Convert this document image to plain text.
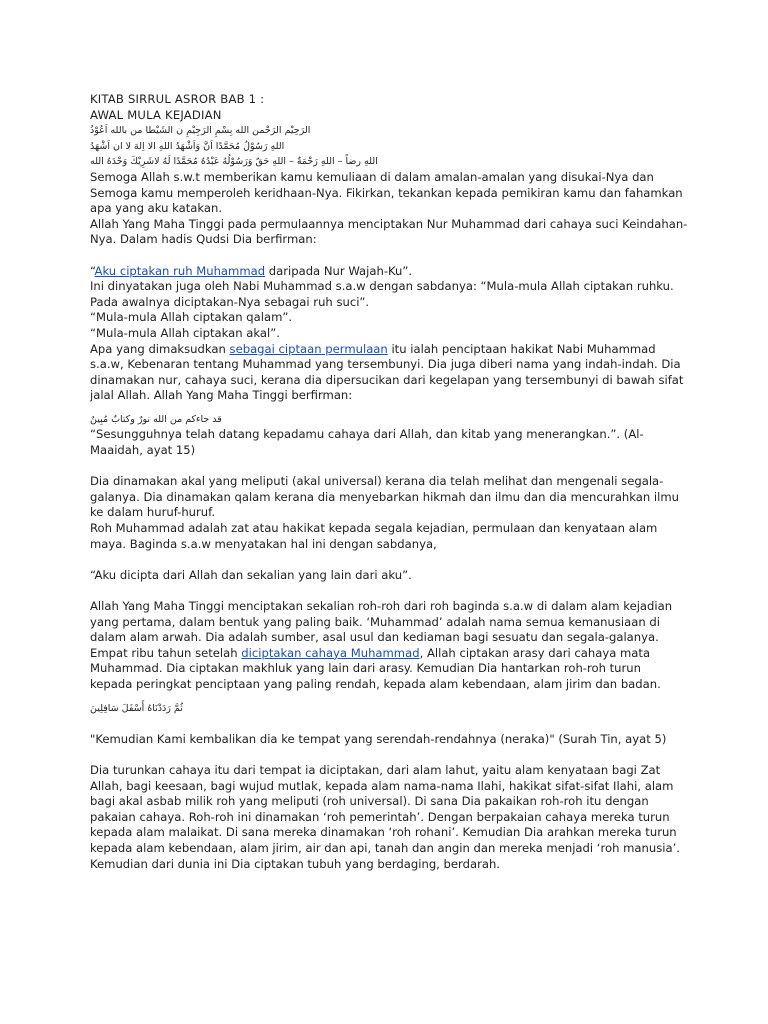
KITAB SIRRUL ASROR BAB 1 :
AWAL MULA KEJADIAN
الرَحِيْم الرَحْمن الله بِسْمِ الرَجِيْمِ ن الشَيْطا من بالله اَعُوْذُ
اللهِ رَسُوْلُ مُحَمَّدًا اَنَّ وَاَشْهَدُ اللهِ الا اِلهَ لا ان اَشْهَدُ
اللهِ رضاً – اللهِ رَحْمَةٌ – اللهِ حَقٌ وَرَسُوْلُهُ عَبْدُهُ مُحَمَّدًا لَهُ لاشَرِيْكَ وَحْدَهُ الله
Semoga Allah s.w.t memberikan kamu kemuliaan di dalam amalan-amalan yang disukai-Nya dan
Semoga kamu memperoleh keridhaan-Nya. Fikirkan, tekankan kepada pemikiran kamu dan fahamkan
apa yang aku katakan.
Allah Yang Maha Tinggi pada permulaannya menciptakan Nur Muhammad dari cahaya suci Keindahan-
Nya. Dalam hadis Qudsi Dia berfirman:
“Aku ciptakan ruh Muhammad daripada Nur Wajah-Ku”.
Ini dinyatakan juga oleh Nabi Muhammad s.a.w dengan sabdanya: “Mula-mula Allah ciptakan ruhku.
Pada awalnya diciptakan-Nya sebagai ruh suci”.
“Mula-mula Allah ciptakan qalam”.
“Mula-mula Allah ciptakan akal”.
Apa yang dimaksudkan sebagai ciptaan permulaan itu ialah penciptaan hakikat Nabi Muhammad
s.a.w, Kebenaran tentang Muhammad yang tersembunyi. Dia juga diberi nama yang indah-indah. Dia
dinamakan nur, cahaya suci, kerana dia dipersucikan dari kegelapan yang tersembunyi di bawah sifat
jalal Allah. Allah Yang Maha Tinggi berfirman:
قد جاءكم من الله نورٌ وكتابٌ مُبِينٌ
“Sesungguhnya telah datang kepadamu cahaya dari Allah, dan kitab yang menerangkan.”. (Al-
Maaidah, ayat 15)
Dia dinamakan akal yang meliputi (akal universal) kerana dia telah melihat dan mengenali segala-
galanya. Dia dinamakan qalam kerana dia menyebarkan hikmah dan ilmu dan dia mencurahkan ilmu
ke dalam huruf-huruf.
Roh Muhammad adalah zat atau hakikat kepada segala kejadian, permulaan dan kenyataan alam
maya. Baginda s.a.w menyatakan hal ini dengan sabdanya,
“Aku dicipta dari Allah dan sekalian yang lain dari aku”.
Allah Yang Maha Tinggi menciptakan sekalian roh-roh dari roh baginda s.a.w di dalam alam kejadian
yang pertama, dalam bentuk yang paling baik. ‘Muhammad’ adalah nama semua kemanusiaan di
dalam alam arwah. Dia adalah sumber, asal usul dan kediaman bagi sesuatu dan segala-galanya.
Empat ribu tahun setelah diciptakan cahaya Muhammad, Allah ciptakan arasy dari cahaya mata
Muhammad. Dia ciptakan makhluk yang lain dari arasy. Kemudian Dia hantarkan roh-roh turun
kepada peringkat penciptaan yang paling rendah, kepada alam kebendaan, alam jirim dan badan.
ثُمَّ رَدَدْنَاهُ أَسْفَلَ سَافِلِينَ
"Kemudian Kami kembalikan dia ke tempat yang serendah-rendahnya (neraka)" (Surah Tin, ayat 5)
Dia turunkan cahaya itu dari tempat ia diciptakan, dari alam lahut, yaitu alam kenyataan bagi Zat
Allah, bagi keesaan, bagi wujud mutlak, kepada alam nama-nama Ilahi, hakikat sifat-sifat Ilahi, alam
bagi akal asbab milik roh yang meliputi (roh universal). Di sana Dia pakaikan roh-roh itu dengan
pakaian cahaya. Roh-roh ini dinamakan ‘roh pemerintah’. Dengan berpakaian cahaya mereka turun
kepada alam malaikat. Di sana mereka dinamakan ‘roh rohani’. Kemudian Dia arahkan mereka turun
kepada alam kebendaan, alam jirim, air dan api, tanah dan angin dan mereka menjadi ‘roh manusia’.
Kemudian dari dunia ini Dia ciptakan tubuh yang berdaging, berdarah.
